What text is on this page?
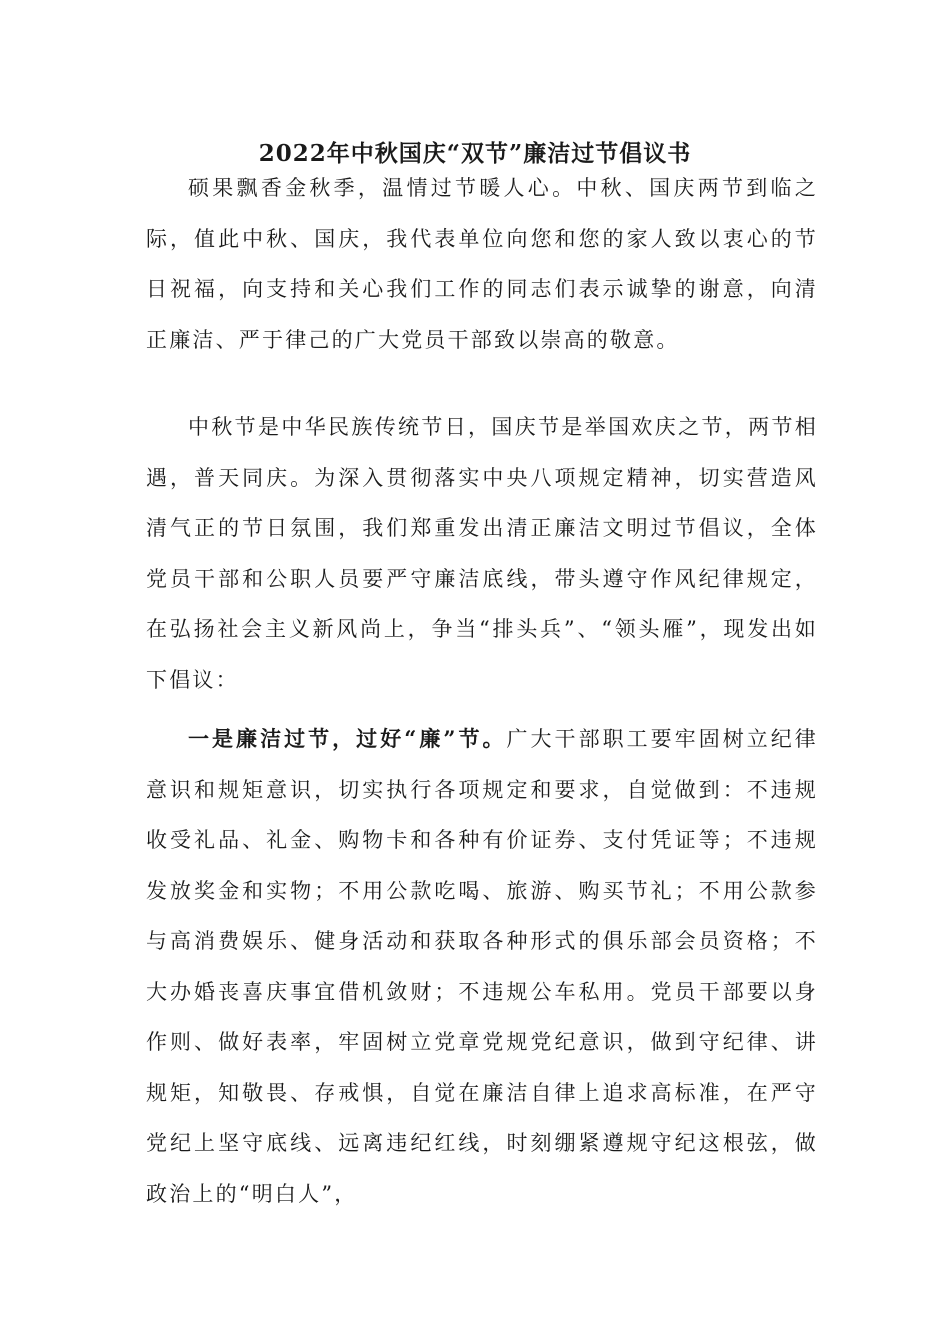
2022年中秋国庆“双节”廉洁过节倡议书

硕果飘香金秋季，温情过节暖人心。中秋、国庆两节到临之际，值此中秋、国庆，我代表单位向您和您的家人致以衷心的节日祝福，向支持和关心我们工作的同志们表示诚挚的谢意，向清正廉洁、严于律己的广大党员干部致以崇高的敬意。

中秋节是中华民族传统节日，国庆节是举国欢庆之节，两节相遇，普天同庆。为深入贯彻落实中央八项规定精神，切实营造风清气正的节日氛围，我们郑重发出清正廉洁文明过节倡议，全体党员干部和公职人员要严守廉洁底线，带头遵守作风纪律规定，在弘扬社会主义新风尚上，争当“排头兵”、“领头雁”，现发出如下倡议：

一是廉洁过节，过好“廉”节。广大干部职工要牢固树立纪律意识和规矩意识，切实执行各项规定和要求，自觉做到：不违规收受礼品、礼金、购物卡和各种有价证券、支付凭证等；不违规发放奖金和实物；不用公款吃喝、旅游、购买节礼；不用公款参与高消费娱乐、健身活动和获取各种形式的俱乐部会员资格；不大办婚丧喜庆事宜借机敛财；不违规公车私用。党员干部要以身作则、做好表率，牢固树立党章党规党纪意识，做到守纪律、讲规矩，知敬畏、存戒惧，自觉在廉洁自律上追求高标准，在严守党纪上坚守底线、远离违纪红线，时刻绷紧遵规守纪这根弦，做政治上的“明白人”，
